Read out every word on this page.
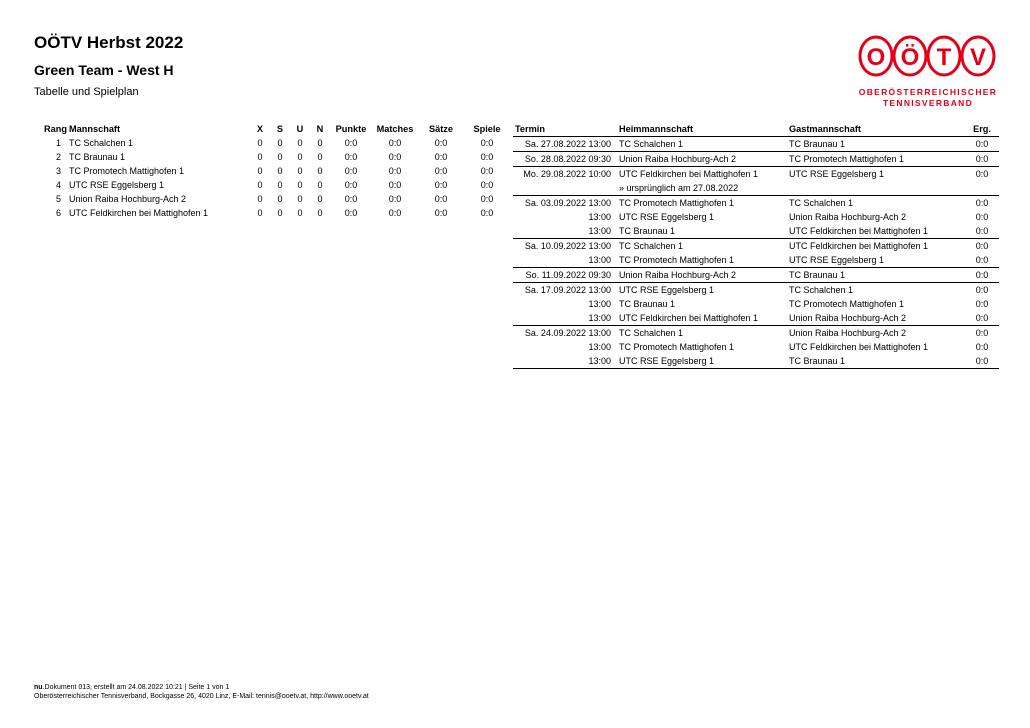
OÖTV Herbst 2022
Green Team - West H
Tabelle und Spielplan
O Ö T V
OBERÖSTERREICHISCHER
TENNISVERBAND
Rang	Mannschaft	X	S	U	N	Punkte	Matches	Sätze	Spiele
1	TC Schalchen 1	0	0	0	0	0:0	0:0	0:0	0:0
2	TC Braunau 1	0	0	0	0	0:0	0:0	0:0	0:0
3	TC Promotech Mattighofen 1	0	0	0	0	0:0	0:0	0:0	0:0
4	UTC RSE Eggelsberg 1	0	0	0	0	0:0	0:0	0:0	0:0
5	Union Raiba Hochburg-Ach 2	0	0	0	0	0:0	0:0	0:0	0:0
6	UTC Feldkirchen bei Mattighofen 1	0	0	0	0	0:0	0:0	0:0	0:0
Termin	Heimmannschaft	Gastmannschaft	Erg.
Sa. 27.08.2022 13:00	TC Schalchen 1	TC Braunau 1	0:0
So. 28.08.2022 09:30	Union Raiba Hochburg-Ach 2	TC Promotech Mattighofen 1	0:0
Mo. 29.08.2022 10:00	UTC Feldkirchen bei Mattighofen 1	UTC RSE Eggelsberg 1	0:0
	» ursprünglich am 27.08.2022		
Sa. 03.09.2022 13:00	TC Promotech Mattighofen 1	TC Schalchen 1	0:0
13:00	UTC RSE Eggelsberg 1	Union Raiba Hochburg-Ach 2	0:0
13:00	TC Braunau 1	UTC Feldkirchen bei Mattighofen 1	0:0
Sa. 10.09.2022 13:00	TC Schalchen 1	UTC Feldkirchen bei Mattighofen 1	0:0
13:00	TC Promotech Mattighofen 1	UTC RSE Eggelsberg 1	0:0
So. 11.09.2022 09:30	Union Raiba Hochburg-Ach 2	TC Braunau 1	0:0
Sa. 17.09.2022 13:00	UTC RSE Eggelsberg 1	TC Schalchen 1	0:0
13:00	TC Braunau 1	TC Promotech Mattighofen 1	0:0
13:00	UTC Feldkirchen bei Mattighofen 1	Union Raiba Hochburg-Ach 2	0:0
Sa. 24.09.2022 13:00	TC Schalchen 1	Union Raiba Hochburg-Ach 2	0:0
13:00	TC Promotech Mattighofen 1	UTC Feldkirchen bei Mattighofen 1	0:0
13:00	UTC RSE Eggelsberg 1	TC Braunau 1	0:0
nu.Dokument 013, erstellt am 24.08.2022 10:21 | Seite 1 von 1
Oberösterreichischer Tennisverband, Bockgasse 26, 4020 Linz, E-Mail: tennis@ooetv.at, http://www.ooetv.at
